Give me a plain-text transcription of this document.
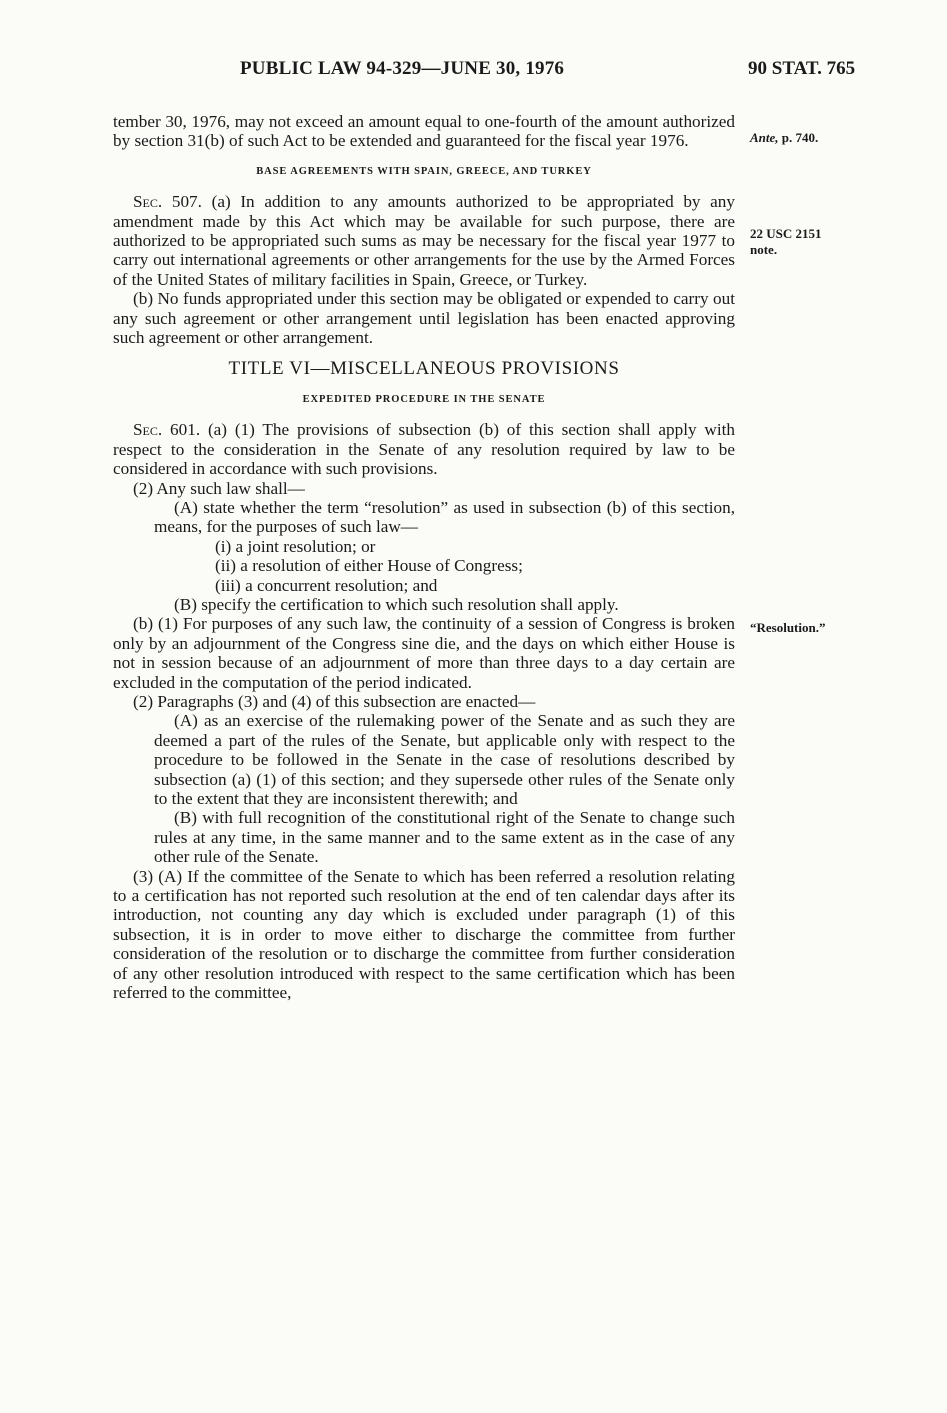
PUBLIC LAW 94-329—JUNE 30, 1976	90 STAT. 765
Ante, p. 740.
22 USC 2151
note.
“Resolution.”

tember 30, 1976, may not exceed an amount equal to one-fourth of the amount authorized by section 31(b) of such Act to be extended and guaranteed for the fiscal year 1976.

BASE AGREEMENTS WITH SPAIN, GREECE, AND TURKEY

Sec. 507. (a) In addition to any amounts authorized to be appropriated by any amendment made by this Act which may be available for such purpose, there are authorized to be appropriated such sums as may be necessary for the fiscal year 1977 to carry out international agreements or other arrangements for the use by the Armed Forces of the United States of military facilities in Spain, Greece, or Turkey.

(b) No funds appropriated under this section may be obligated or expended to carry out any such agreement or other arrangement until legislation has been enacted approving such agreement or other arrangement.

TITLE VI—MISCELLANEOUS PROVISIONS
EXPEDITED PROCEDURE IN THE SENATE

Sec. 601. (a) (1) The provisions of subsection (b) of this section shall apply with respect to the consideration in the Senate of any resolution required by law to be considered in accordance with such provisions.

(2) Any such law shall—

(A) state whether the term “resolution” as used in subsection (b) of this section, means, for the purposes of such law—

(i) a joint resolution; or

(ii) a resolution of either House of Congress;

(iii) a concurrent resolution; and

(B) specify the certification to which such resolution shall apply.

(b) (1) For purposes of any such law, the continuity of a session of Congress is broken only by an adjournment of the Congress sine die, and the days on which either House is not in session because of an adjournment of more than three days to a day certain are excluded in the computation of the period indicated.

(2) Paragraphs (3) and (4) of this subsection are enacted—

(A) as an exercise of the rulemaking power of the Senate and as such they are deemed a part of the rules of the Senate, but applicable only with respect to the procedure to be followed in the Senate in the case of resolutions described by subsection (a) (1) of this section; and they supersede other rules of the Senate only to the extent that they are inconsistent therewith; and

(B) with full recognition of the constitutional right of the Senate to change such rules at any time, in the same manner and to the same extent as in the case of any other rule of the Senate.

(3) (A) If the committee of the Senate to which has been referred a resolution relating to a certification has not reported such resolution at the end of ten calendar days after its introduction, not counting any day which is excluded under paragraph (1) of this subsection, it is in order to move either to discharge the committee from further consideration of the resolution or to discharge the committee from further consideration of any other resolution introduced with respect to the same certification which has been referred to the committee,
